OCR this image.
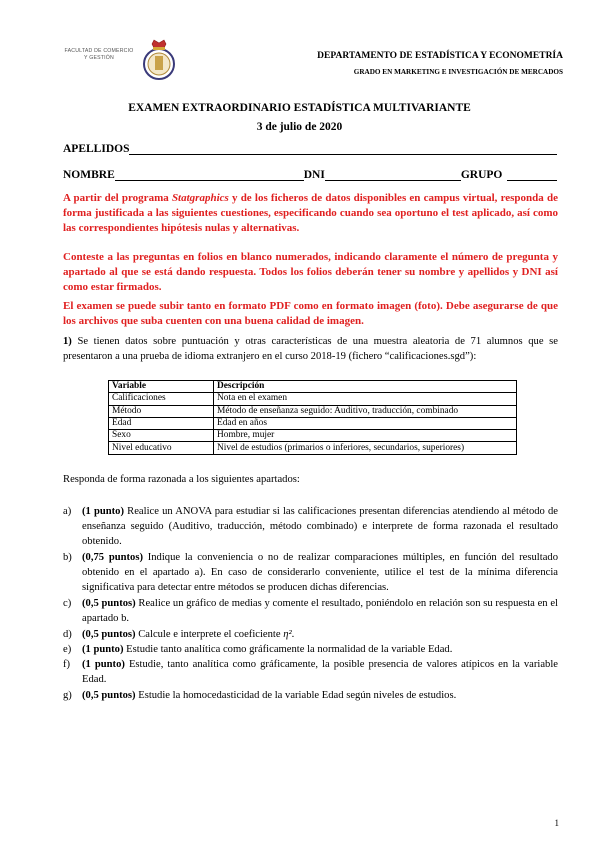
FACULTAD DE COMERCIO Y GESTIÓN	DEPARTAMENTO DE ESTADÍSTICA Y ECONOMETRÍA
GRADO EN MARKETING E INVESTIGACIÓN DE MERCADOS
EXAMEN EXTRAORDINARIO ESTADÍSTICA MULTIVARIANTE
3 de julio de 2020
APELLIDOS
NOMBRE	DNI	GRUPO
A partir del programa Statgraphics y de los ficheros de datos disponibles en campus virtual, responda de forma justificada a las siguientes cuestiones, especificando cuando sea oportuno el test aplicado, así como las correspondientes hipótesis nulas y alternativas.
Conteste a las preguntas en folios en blanco numerados, indicando claramente el número de pregunta y apartado al que se está dando respuesta. Todos los folios deberán tener su nombre y apellidos y DNI así como estar firmados.
El examen se puede subir tanto en formato PDF como en formato imagen (foto). Debe asegurarse de que los archivos que suba cuenten con una buena calidad de imagen.
1) Se tienen datos sobre puntuación y otras características de una muestra aleatoria de 71 alumnos que se presentaron a una prueba de idioma extranjero en el curso 2018-19 (fichero “calificaciones.sgd”):
Variable	Descripción
Calificaciones	Nota en el examen
Método	Método de enseñanza seguido: Auditivo, traducción, combinado
Edad	Edad en años
Sexo	Hombre, mujer
Nivel educativo	Nivel de estudios (primarios o inferiores, secundarios, superiores)
Responda de forma razonada a los siguientes apartados:
a)	(1 punto) Realice un ANOVA para estudiar si las calificaciones presentan diferencias atendiendo al método de enseñanza seguido (Auditivo, traducción, método combinado) e interprete de forma razonada el resultado obtenido.
b) (0,75 puntos) Indique la conveniencia o no de realizar comparaciones múltiples, en función del resultado obtenido en el apartado a). En caso de considerarlo conveniente, utilice el test de la mínima diferencia significativa para detectar entre métodos se producen dichas diferencias.
c)	(0,5 puntos) Realice un gráfico de medias y comente el resultado, poniéndolo en relación son su respuesta en el apartado b.
d) (0,5 puntos) Calcule e interprete el coeficiente η².
e)	(1 punto) Estudie tanto analítica como gráficamente la normalidad de la variable Edad.
f)	(1 punto) Estudie, tanto analítica como gráficamente, la posible presencia de valores atípicos en la variable Edad.
g) (0,5 puntos) Estudie la homocedasticidad de la variable Edad según niveles de estudios.
1
